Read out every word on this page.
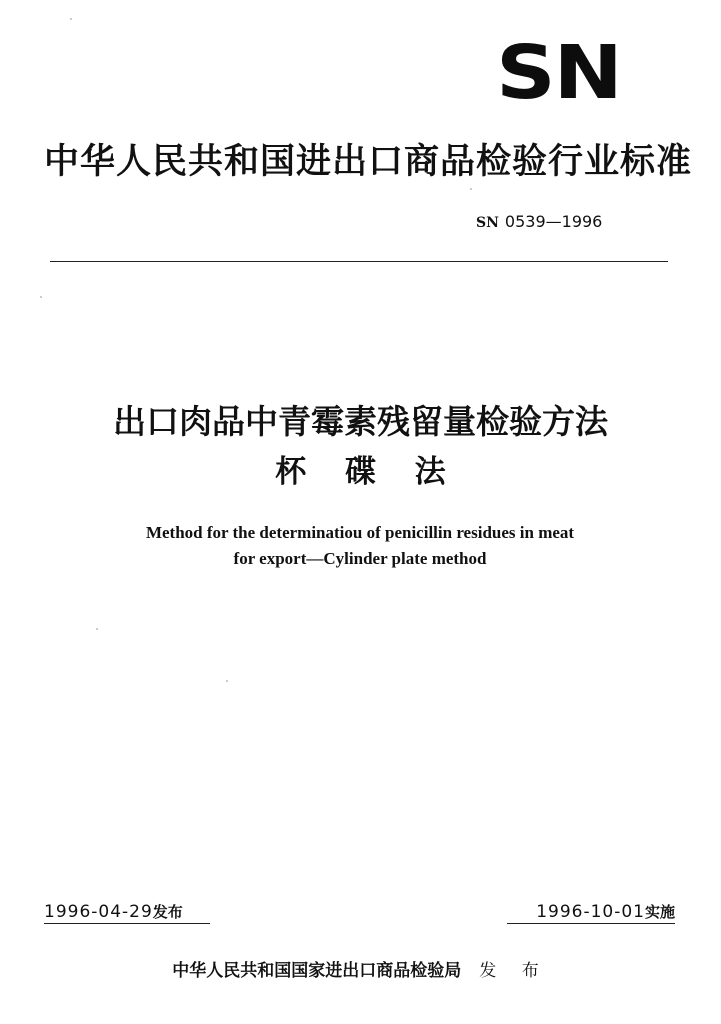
SN
中华人民共和国进出口商品检验行业标准
SN 0539—1996
出口肉品中青霉素残留量检验方法
杯 碟 法
Method for the determinatiou of penicillin residues in meat
for export—Cylinder plate method
1996-04-29发布	1996-10-01实施
中华人民共和国国家进出口商品检验局 发 布
